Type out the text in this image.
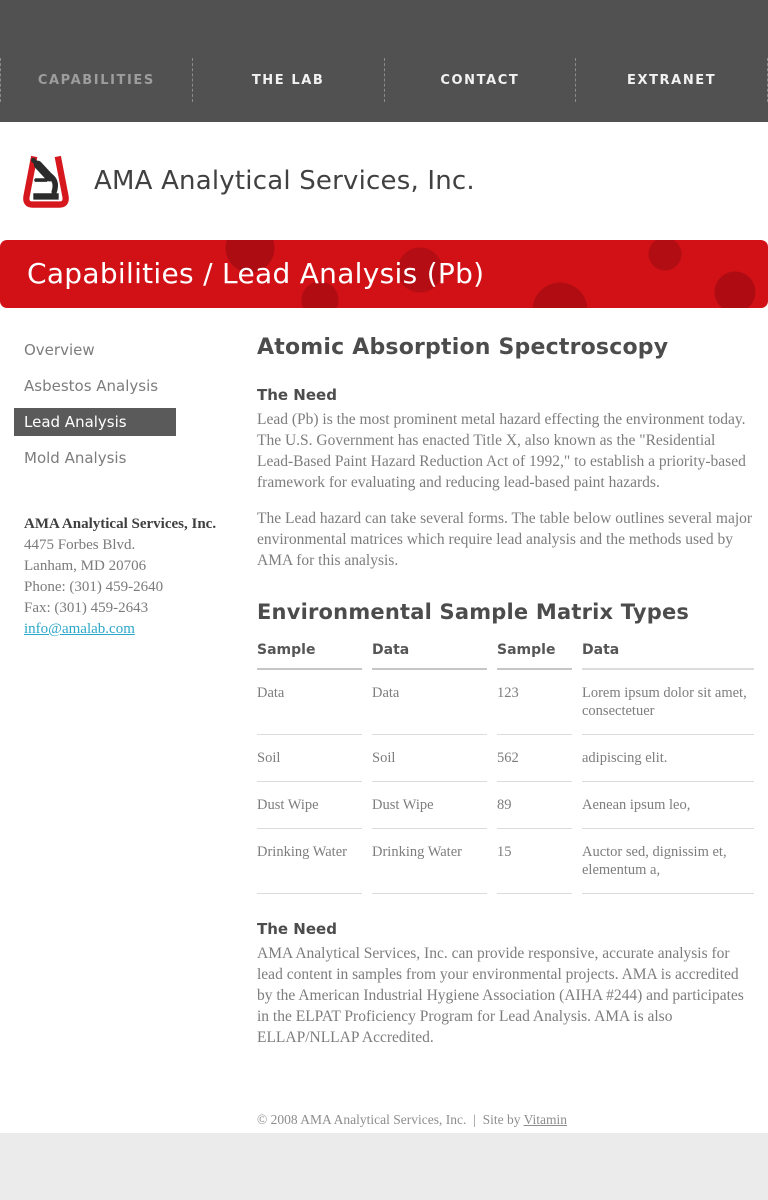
CAPABILITIES	THE LAB	CONTACT	EXTRANET
AMA Analytical Services, Inc.
Capabilities / Lead Analysis (Pb)
Overview
Asbestos Analysis
Lead Analysis
Mold Analysis
AMA Analytical Services, Inc.
4475 Forbes Blvd.
Lanham, MD 20706
Phone: (301) 459-2640
Fax: (301) 459-2643
info@amalab.com
Atomic Absorption Spectroscopy
The Need

Lead (Pb) is the most prominent metal hazard effecting the environment today. The U.S. Government has enacted Title X, also known as the "Residential Lead-Based Paint Hazard Reduction Act of 1992," to establish a priority-based framework for evaluating and reducing lead-based paint hazards.

The Lead hazard can take several forms. The table below outlines several major environmental matrices which require lead analysis and the methods used by AMA for this analysis.

Environmental Sample Matrix Types
Sample	Data	Sample	Data
Data	Data	123	Lorem ipsum dolor sit amet, consectetuer
Soil	Soil	562	adipiscing elit.
Dust Wipe	Dust Wipe	89	Aenean ipsum leo,
Drinking Water	Drinking Water	15	Auctor sed, dignissim et, elementum a,
The Need

AMA Analytical Services, Inc. can provide responsive, accurate analysis for lead content in samples from your environmental projects. AMA is accredited by the American Industrial Hygiene Association (AIHA #244) and participates in the ELPAT Proficiency Program for Lead Analysis. AMA is also ELLAP/NLLAP Accredited.

© 2008 AMA Analytical Services, Inc. | Site by Vitamin
